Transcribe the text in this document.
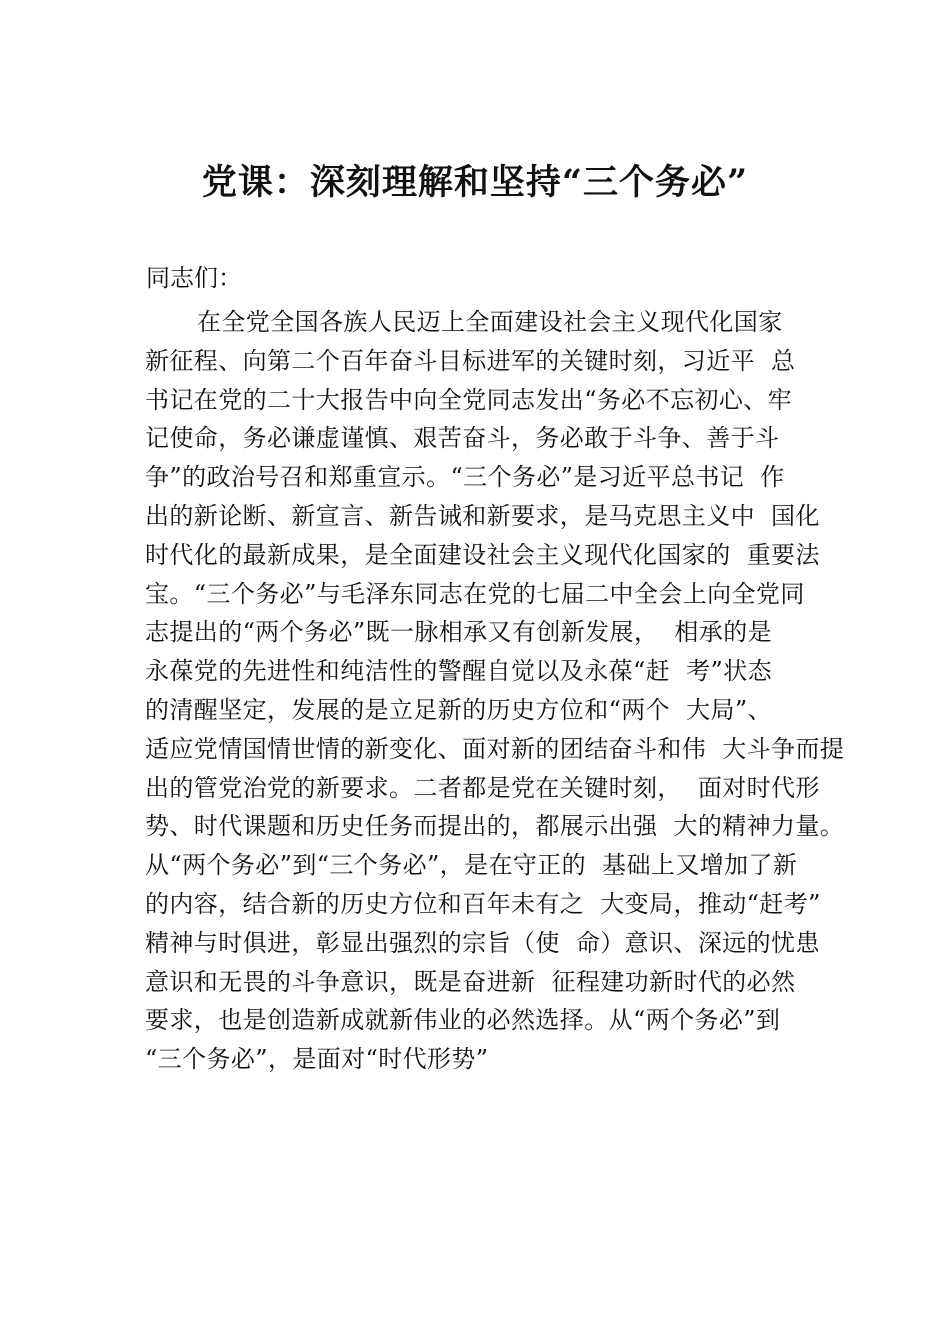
党课：深刻理解和坚持“三个务必”

同志们：

在全党全国各族人民迈上全面建设社会主义现代化国家
新征程、向第二个百年奋斗目标进军的关键时刻，习近平  总
书记在党的二十大报告中向全党同志发出“务必不忘初心、牢
记使命，务必谦虚谨慎、艰苦奋斗，务必敢于斗争、善于斗
争”的政治号召和郑重宣示。“三个务必”是习近平总书记  作
出的新论断、新宣言、新告诫和新要求，是马克思主义中  国化
时代化的最新成果，是全面建设社会主义现代化国家的  重要法
宝。“三个务必”与毛泽东同志在党的七届二中全会上向全党同
志提出的“两个务必”既一脉相承又有创新发展，  相承的是
永葆党的先进性和纯洁性的警醒自觉以及永葆“赶  考”状态
的清醒坚定，发展的是立足新的历史方位和“两个  大局”、
适应党情国情世情的新变化、面对新的团结奋斗和伟  大斗争而提
出的管党治党的新要求。二者都是党在关键时刻，  面对时代形
势、时代课题和历史任务而提出的，都展示出强  大的精神力量。
从“两个务必”到“三个务必”，是在守正的  基础上又增加了新
的内容，结合新的历史方位和百年未有之  大变局，推动“赶考”
精神与时俱进，彰显出强烈的宗旨（使  命）意识、深远的忧患
意识和无畏的斗争意识，既是奋进新  征程建功新时代的必然
要求，也是创造新成就新伟业的必然选择。从“两个务必”到
“三个务必”，是面对“时代形势”
